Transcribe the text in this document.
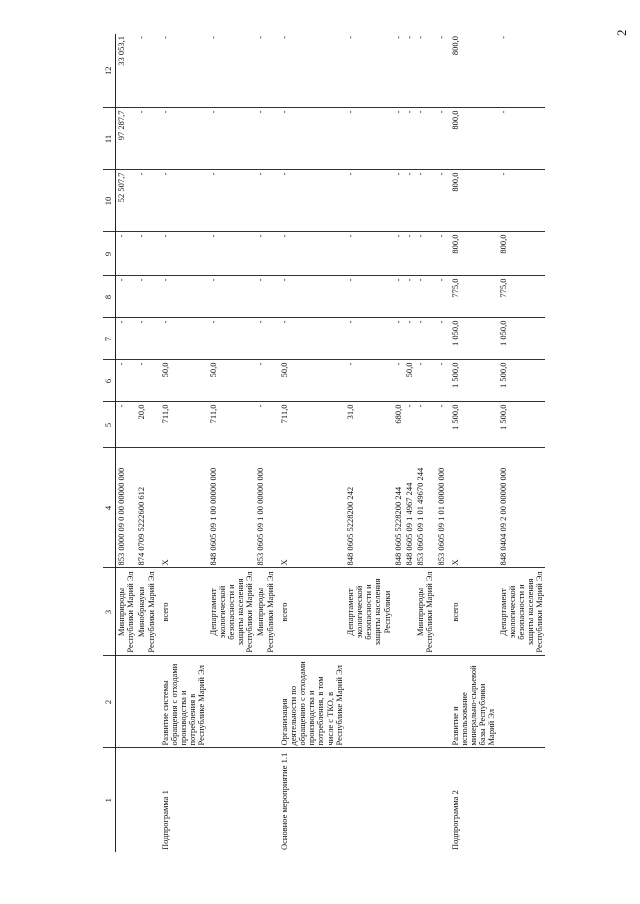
2
1	2	3	4	5	6	7	8	9	10	11	12
		Минприроды Республики Марий Эл	853 0000 09 0 00 00000 000	-	-	-	-	-	52 507,7	97 287,7	33 053,1
		Минобрнауки Республики Марий Эл	874 0709 5222600 612	20,0	-	-	-	-	-	-	-
Подпрограмма 1	Развитие системы обращения с отходами производства и потребления в Республике Марий Эл	всего	Х	711,0	50,0	-	-	-	-	-	-
		Департамент экологической безопасности и защиты населения Республики Марий Эл	848 0605 09 1 00 00000 000	711,0	50,0	-	-	-	-	-	-
		Минприроды Республики Марий Эл	853 0605 09 1 00 00000 000	-	-	-	-	-	-	-	-
Основное мероприятие 1.1	Организация деятельности по обращению с отходами производства и потребления, в том числе с ТКО, в Республике Марий Эл	всего	Х	711,0	50,0	-	-	-	-	-	-
		Департамент экологической безопасности и защиты населения Республики	848 0605 5228200 242	31,0	-	-	-	-	-	-	-
			848 0605 5228200 244	680,0	-	-	-	-	-	-	-
			848 0605 09 1 4967 244	-	50,0	-	-	-	-	-	-
		Минприроды Республики Марий Эл	853 0605 09 1 01 49670 244	-	-	-	-	-	-	-	-
			853 0605 09 1 01 00000 000	-	-	-	-	-	-	-	-
Подпрограмма 2	Развитие и использование минерально-сырьевой базы Республики Марий Эл	всего	Х	1 500,0	1 500,0	1 050,0	775,0	800,0	800,0	800,0	800,0
		Департамент экологической безопасности и защиты населения Республики Марий Эл	848 0404 09 2 00 00000 000	1 500,0	1 500,0	1 050,0	775,0	800,0	-	-	-
